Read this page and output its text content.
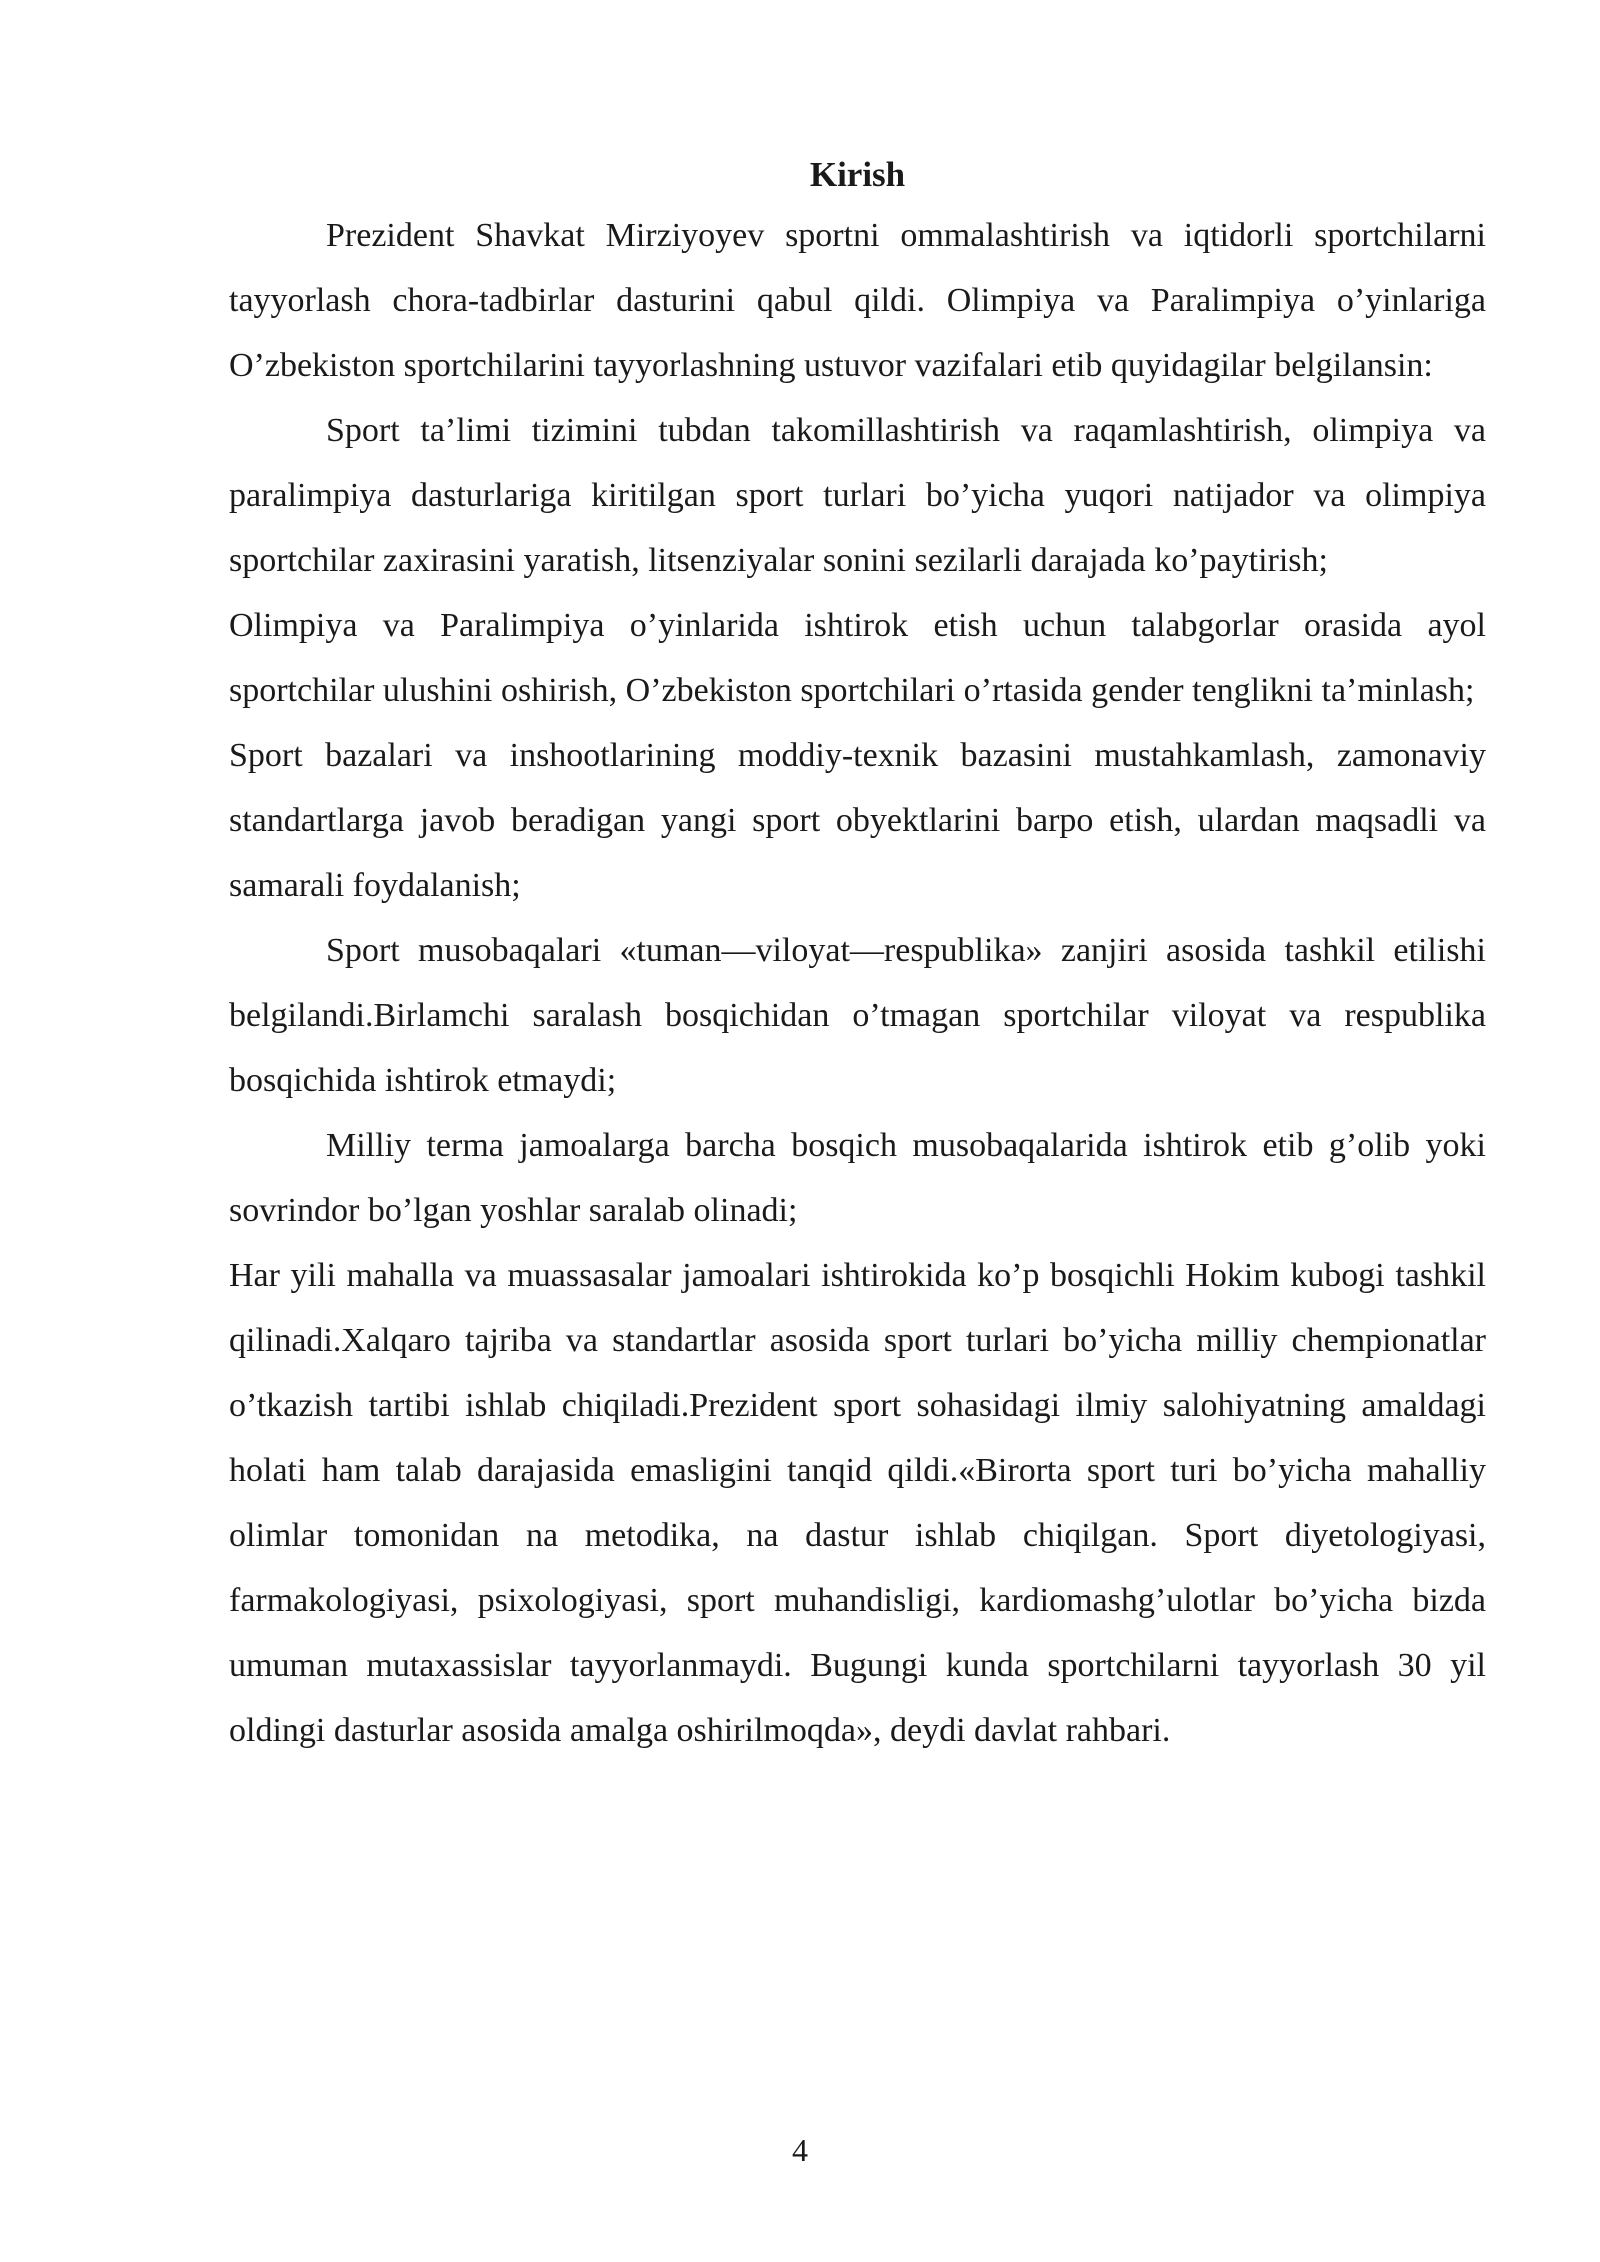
Kirish

Prezident Shavkat Mirziyoyev sportni ommalashtirish va iqtidorli sportchilarni tayyorlash chora-tadbirlar dasturini qabul qildi. Olimpiya va Paralimpiya o’yinlariga O’zbekiston sportchilarini tayyorlashning ustuvor vazifalari etib quyidagilar belgilansin:

Sport ta’limi tizimini tubdan takomillashtirish va raqamlashtirish, olimpiya va paralimpiya dasturlariga kiritilgan sport turlari bo’yicha yuqori natijador va olimpiya sportchilar zaxirasini yaratish, litsenziyalar sonini sezilarli darajada ko’paytirish;

Olimpiya va Paralimpiya o’yinlarida ishtirok etish uchun talabgorlar orasida ayol sportchilar ulushini oshirish, O’zbekiston sportchilari o’rtasida gender tenglikni ta’minlash;

Sport bazalari va inshootlarining moddiy-texnik bazasini mustahkamlash, zamonaviy standartlarga javob beradigan yangi sport obyektlarini barpo etish, ulardan maqsadli va samarali foydalanish;

Sport musobaqalari «tuman—viloyat—respublika» zanjiri asosida tashkil etilishi belgilandi.Birlamchi saralash bosqichidan o’tmagan sportchilar viloyat va respublika bosqichida ishtirok etmaydi;

Milliy terma jamoalarga barcha bosqich musobaqalarida ishtirok etib g’olib yoki sovrindor bo’lgan yoshlar saralab olinadi;

Har yili mahalla va muassasalar jamoalari ishtirokida ko’p bosqichli Hokim kubogi tashkil qilinadi.Xalqaro tajriba va standartlar asosida sport turlari bo’yicha milliy chempionatlar o’tkazish tartibi ishlab chiqiladi.Prezident sport sohasidagi ilmiy salohiyatning amaldagi holati ham talab darajasida emasligini tanqid qildi.«Birorta sport turi bo’yicha mahalliy olimlar tomonidan na metodika, na dastur ishlab chiqilgan. Sport diyetologiyasi, farmakologiyasi, psixologiyasi, sport muhandisligi, kardiomashg’ulotlar bo’yicha bizda umuman mutaxassislar tayyorlanmaydi. Bugungi kunda sportchilarni tayyorlash 30 yil oldingi dasturlar asosida amalga oshirilmoqda», deydi davlat rahbari.

4
